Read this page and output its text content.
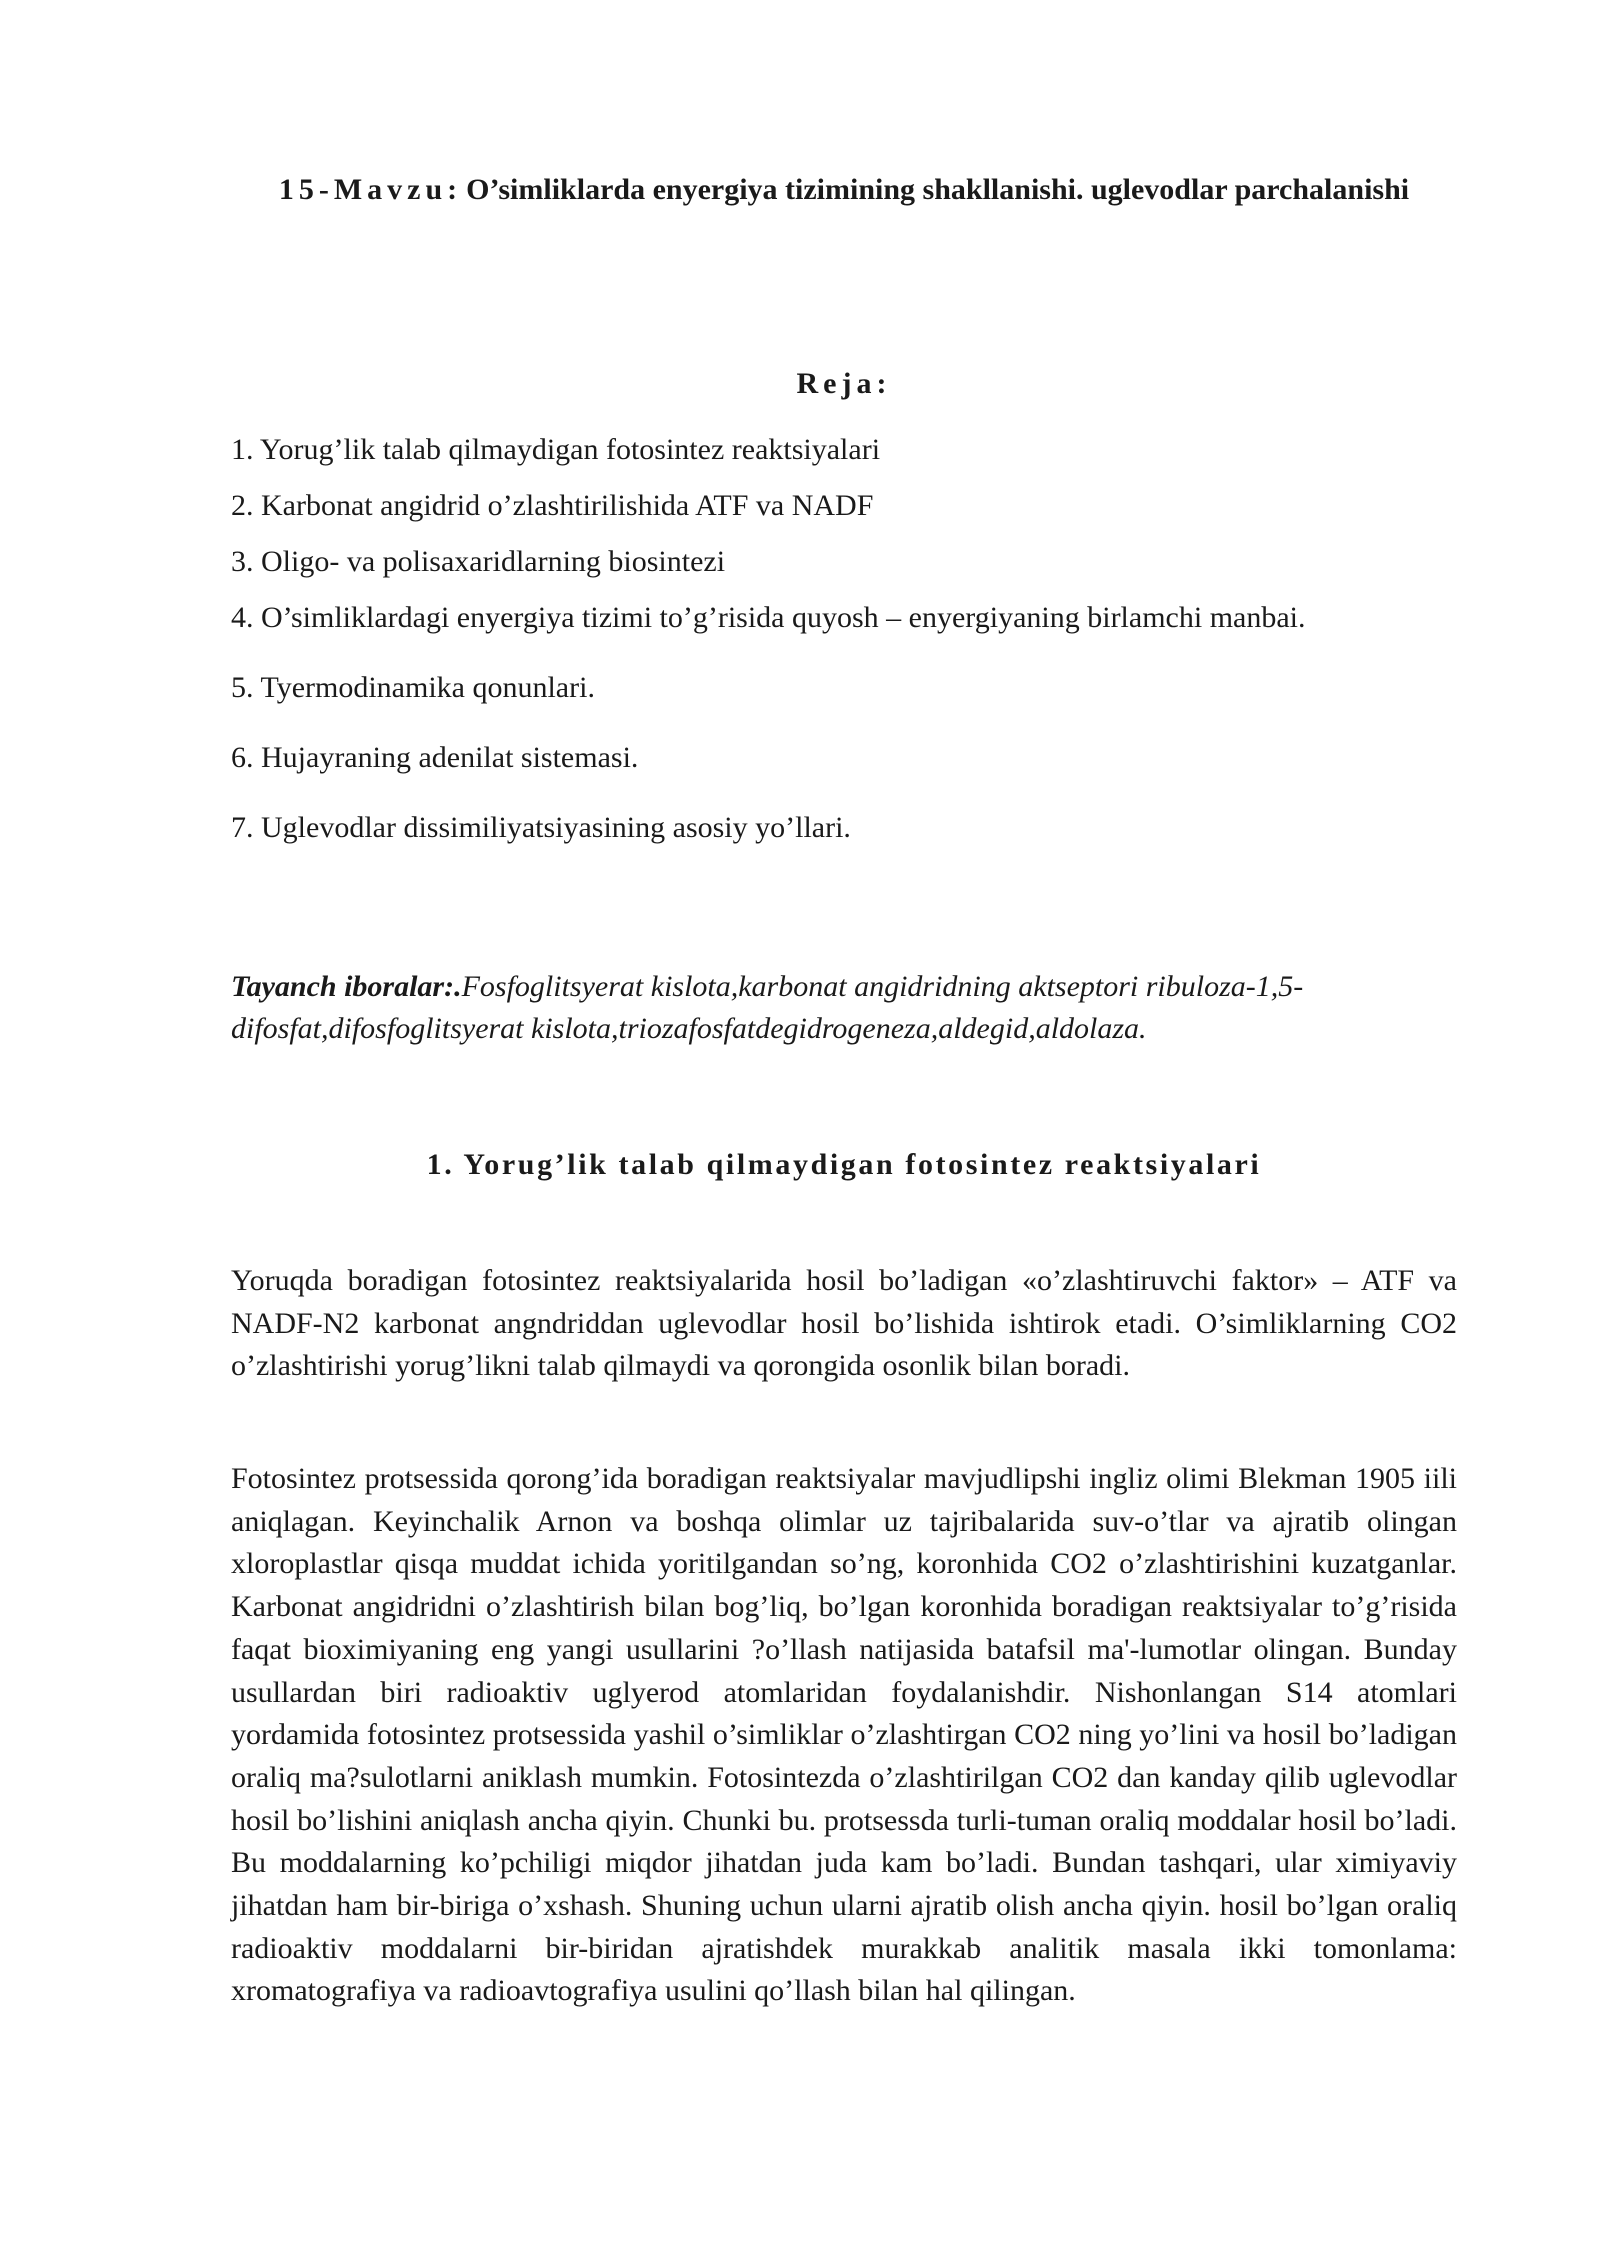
15-Mavzu: O’simliklarda enyergiya tizimining shakllanishi. uglevodlar parchalanishi
Reja:
1. Yorug’lik talab qilmaydigan fotosintez reaktsiyalari
2. Karbonat angidrid o’zlashtirilishida ATF va NADF
3. Oligo- va polisaxaridlarning biosintezi
4. O’simliklardagi enyergiya tizimi to’g’risida quyosh – enyergiyaning birlamchi manbai.
5. Tyermodinamika qonunlari.
6. Hujayraning adenilat sistemasi.
7. Uglevodlar dissimiliyatsiyasining asosiy yo’llari.

Tayanch iboralar:.Fosfoglitsyerat kislota,karbonat angidridning aktseptori ribuloza-1,5-difosfat,difosfoglitsyerat kislota,triozafosfatdegidrogeneza,aldegid,aldolaza.

1. Yorug’lik talab qilmaydigan fotosintez reaktsiyalari

Yoruqda boradigan fotosintez reaktsiyalarida hosil bo’ladigan «o’zlashtiruvchi faktor» – ATF va NADF-N2 karbonat angndriddan uglevodlar hosil bo’lishida ishtirok etadi. O’simliklarning CO2 o’zlashtirishi yorug’likni talab qilmaydi va qorongida osonlik bilan boradi.

Fotosintez protsessida qorong’ida boradigan reaktsiyalar mavjudlipshi ingliz olimi Blekman 1905 iili aniqlagan. Keyinchalik Arnon va boshqa olimlar uz tajribalarida suv-o’tlar va ajratib olingan xloroplastlar qisqa muddat ichida yoritilgandan so’ng, koronhida CO2 o’zlashtirishini kuzatganlar. Karbonat angidridni o’zlashtirish bilan bog’liq, bo’lgan koronhida boradigan reaktsiyalar to’g’risida faqat bioximiyaning eng yangi usullarini ?o’llash natijasida batafsil ma'-lumotlar olingan. Bunday usullardan biri radioaktiv uglyerod atomlaridan foydalanishdir. Nishonlangan S14 atomlari yordamida fotosintez protsessida yashil o’simliklar o’zlashtirgan CO2 ning yo’lini va hosil bo’ladigan oraliq ma?sulotlarni aniklash mumkin. Fotosintezda o’zlashtirilgan CO2 dan kanday qilib uglevodlar hosil bo’lishini aniqlash ancha qiyin. Chunki bu. protsessda turli-tuman oraliq moddalar hosil bo’ladi. Bu moddalarning ko’pchiligi miqdor jihatdan juda kam bo’ladi. Bundan tashqari, ular ximiyaviy jihatdan ham bir-biriga o’xshash. Shuning uchun ularni ajratib olish ancha qiyin. hosil bo’lgan oraliq radioaktiv moddalarni bir-biridan ajratishdek murakkab analitik masala ikki tomonlama: xromatografiya va radioavtografiya usulini qo’llash bilan hal qilingan.
